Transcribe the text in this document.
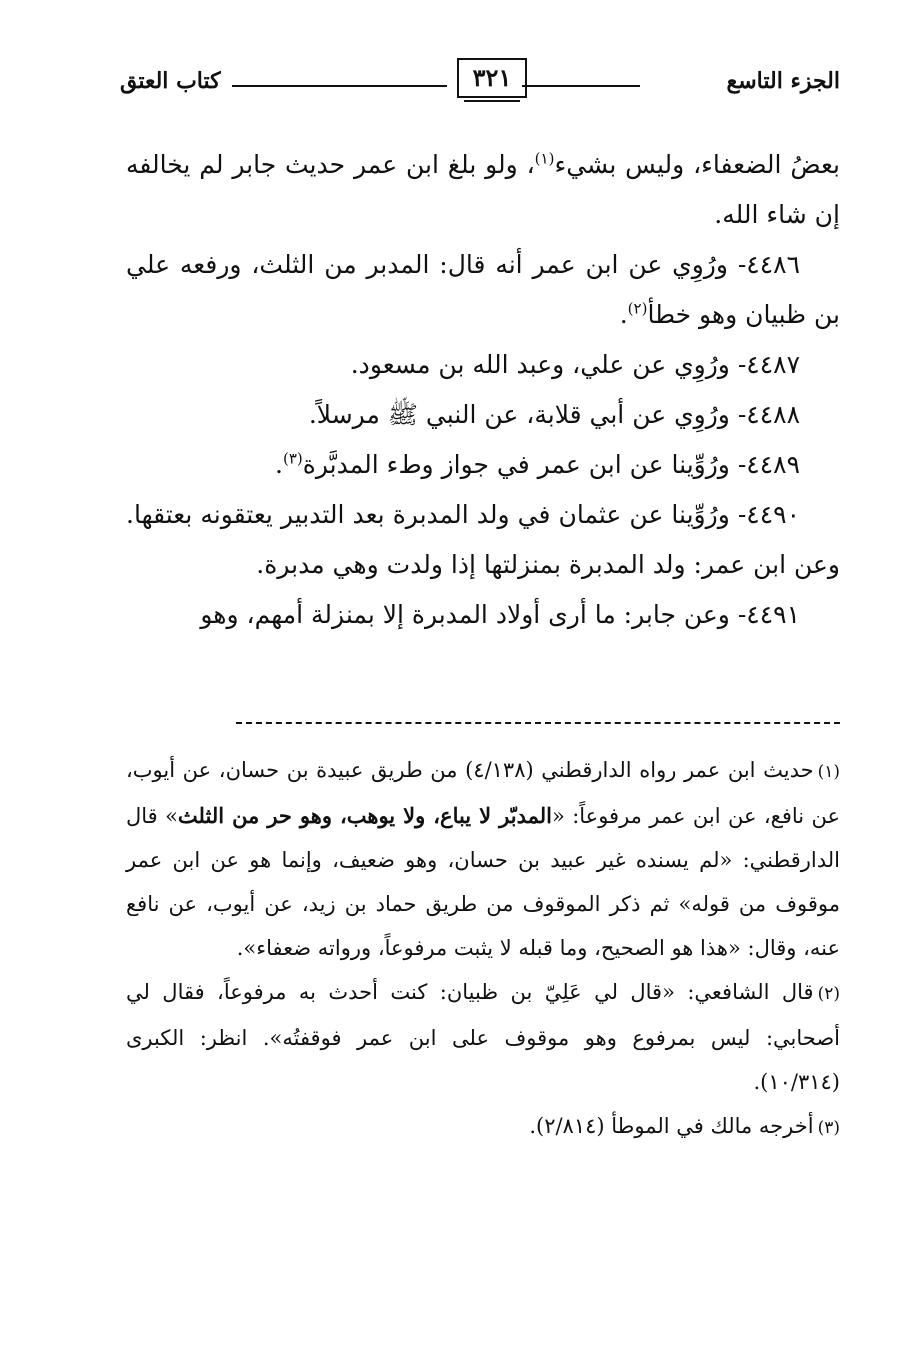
الجزء التاسع
٣٢١
كتاب العتق

بعضُ الضعفاء، وليس بشيء$^{(١)}$، ولو بلغ ابن عمر حديث جابر لم يخالفه إن شاء الله.

٤٤٨٦- ورُوِي عن ابن عمر أنه قال: المدبر من الثلث، ورفعه علي بن ظبيان وهو خطأ$^{(٢)}$.

٤٤٨٧- ورُوِي عن علي، وعبد الله بن مسعود.

٤٤٨٨- ورُوِي عن أبي قلابة، عن النبي ﷺ مرسلاً.

٤٤٨٩- ورُوِّينا عن ابن عمر في جواز وطء المدبَّرة$^{(٣)}$.

٤٤٩٠- ورُوِّينا عن عثمان في ولد المدبرة بعد التدبير يعتقونه بعتقها. وعن ابن عمر: ولد المدبرة بمنزلتها إذا ولدت وهي مدبرة.

٤٤٩١- وعن جابر: ما أرى أولاد المدبرة إلا بمنزلة أمهم، وهو

(١)حديث ابن عمر رواه الدارقطني (٤/١٣٨) من طريق عبيدة بن حسان، عن أيوب، عن نافع، عن ابن عمر مرفوعاً: «المدبّر لا يباع، ولا يوهب، وهو حر من الثلث» قال الدارقطني: «لم يسنده غير عبيد بن حسان، وهو ضعيف، وإنما هو عن ابن عمر موقوف من قوله» ثم ذكر الموقوف من طريق حماد بن زيد، عن أيوب، عن نافع عنه، وقال: «هذا هو الصحيح، وما قبله لا يثبت مرفوعاً، ورواته ضعفاء».

(٢)قال الشافعي: «قال لي عَلِيّ بن ظبيان: كنت أحدث به مرفوعاً، فقال لي أصحابي: ليس بمرفوع وهو موقوف على ابن عمر فوقفتُه». انظر: الكبرى (١٠/٣١٤).

(٣)أخرجه مالك في الموطأ (٢/٨١٤).
